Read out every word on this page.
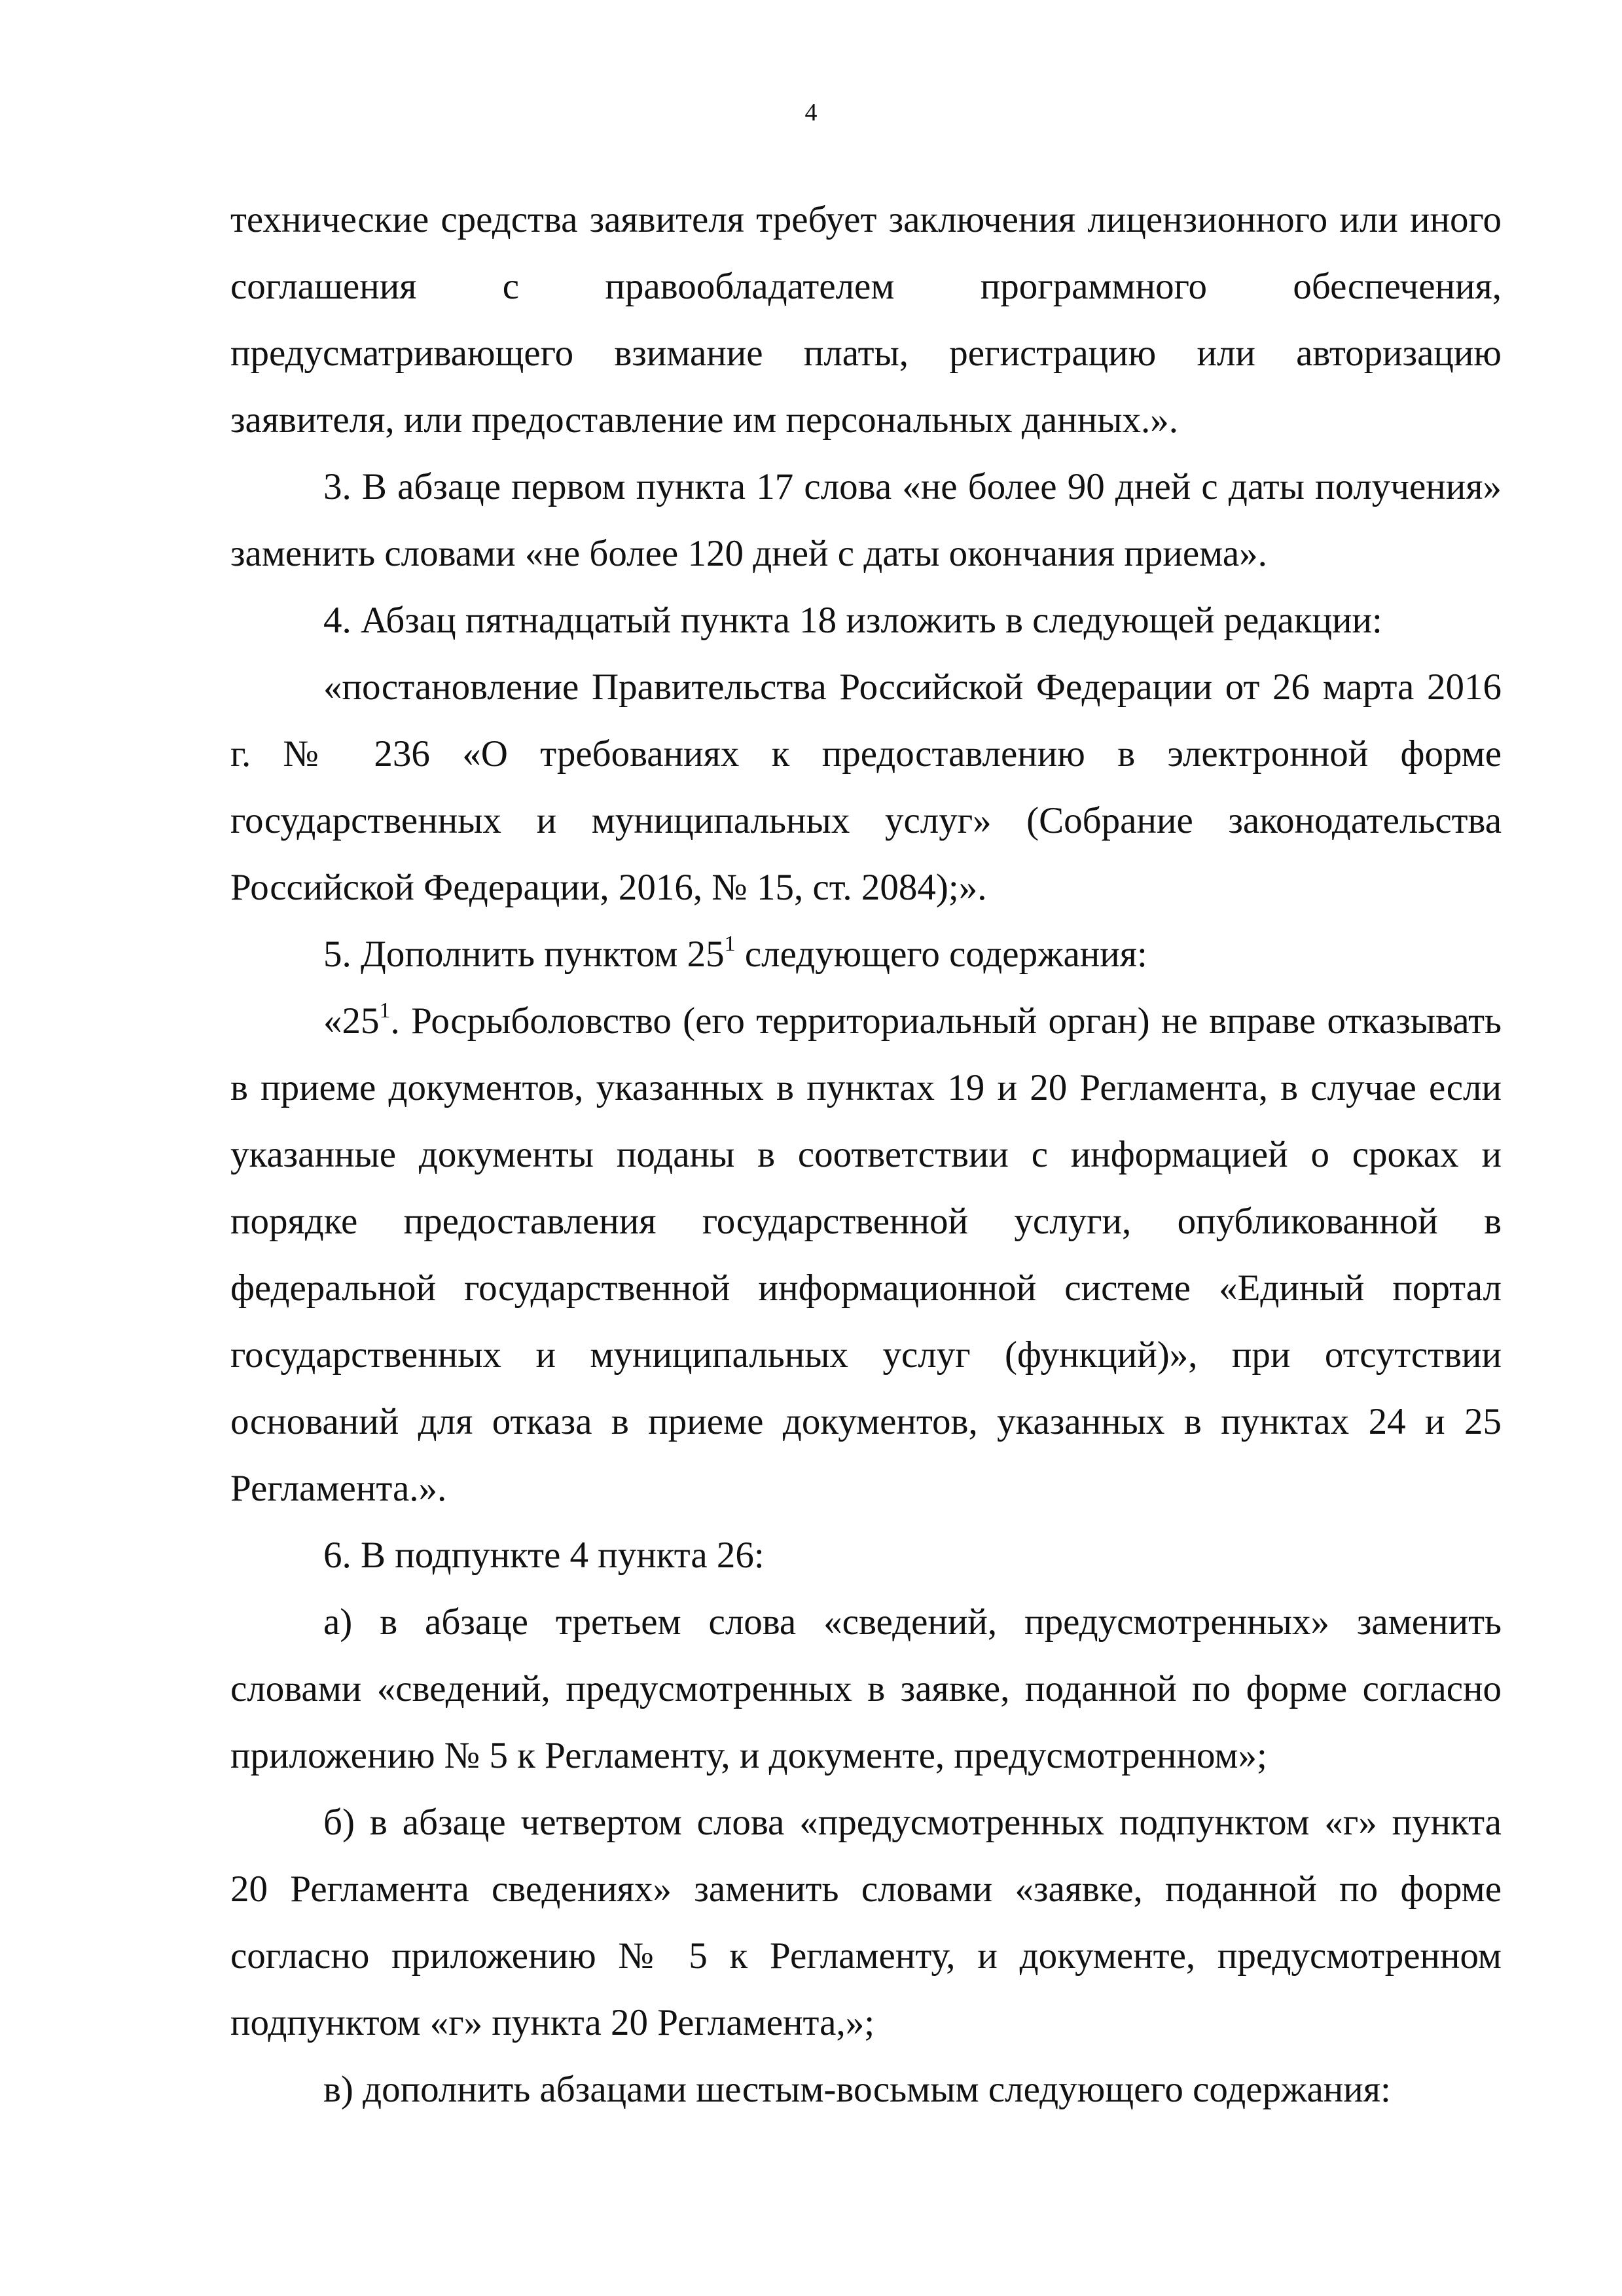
4

технические средства заявителя требует заключения лицензионного или иного соглашения с правообладателем программного обеспечения, предусматривающего взимание платы, регистрацию или авторизацию заявителя, или предоставление им персональных данных.».

3. В абзаце первом пункта 17 слова «не более 90 дней с даты получения» заменить словами «не более 120 дней с даты окончания приема».

4. Абзац пятнадцатый пункта 18 изложить в следующей редакции:

«постановление Правительства Российской Федерации от 26 марта 2016 г. № 236 «О требованиях к предоставлению в электронной форме государственных и муниципальных услуг» (Собрание законодательства Российской Федерации, 2016, № 15, ст. 2084);».

5. Дополнить пунктом $25^1$ следующего содержания:

«$25^1$. Росрыболовство (его территориальный орган) не вправе отказывать в приеме документов, указанных в пунктах 19 и 20 Регламента, в случае если указанные документы поданы в соответствии с информацией о сроках и порядке предоставления государственной услуги, опубликованной в федеральной государственной информационной системе «Единый портал государственных и муниципальных услуг (функций)», при отсутствии оснований для отказа в приеме документов, указанных в пунктах 24 и 25 Регламента.».

6. В подпункте 4 пункта 26:

а) в абзаце третьем слова «сведений, предусмотренных» заменить словами «сведений, предусмотренных в заявке, поданной по форме согласно приложению № 5 к Регламенту, и документе, предусмотренном»;

б) в абзаце четвертом слова «предусмотренных подпунктом «г» пункта 20 Регламента сведениях» заменить словами «заявке, поданной по форме согласно приложению № 5 к Регламенту, и документе, предусмотренном подпунктом «г» пункта 20 Регламента,»;

в) дополнить абзацами шестым-восьмым следующего содержания:
